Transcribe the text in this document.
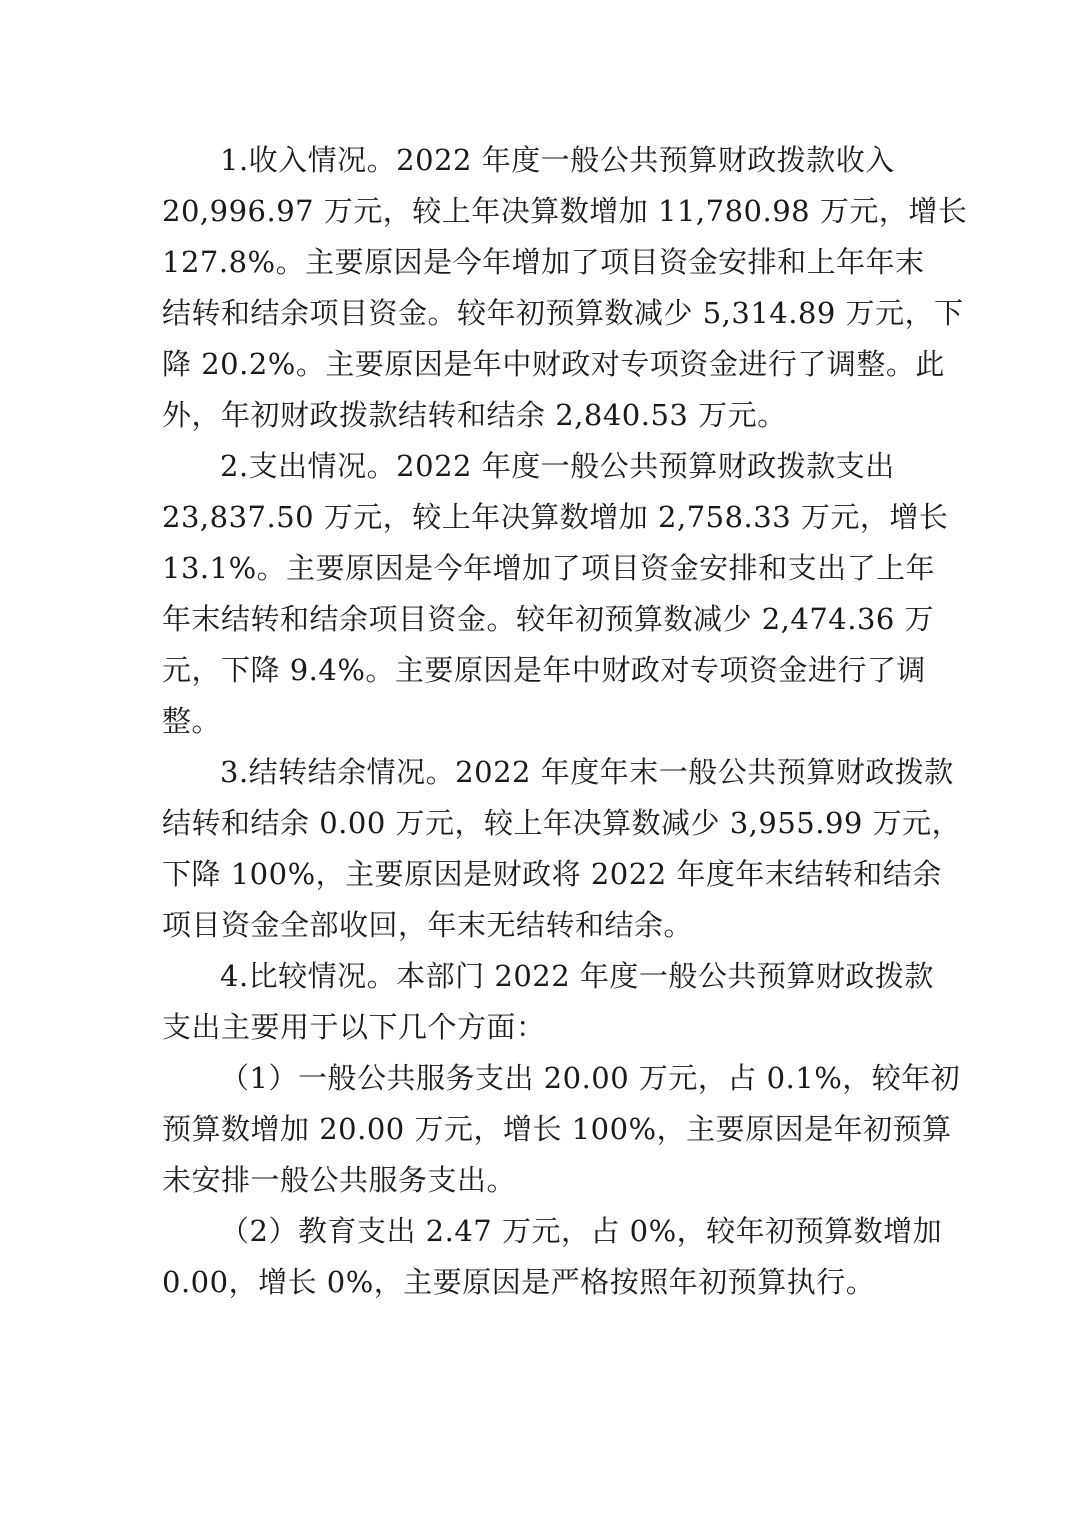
1.收入情况。2022 年度一般公共预算财政拨款收入
20,996.97 万元，较上年决算数增加 11,780.98 万元，增长
127.8%。主要原因是今年增加了项目资金安排和上年年末
结转和结余项目资金。较年初预算数减少 5,314.89 万元，下
降 20.2%。主要原因是年中财政对专项资金进行了调整。此
外，年初财政拨款结转和结余 2,840.53 万元。
2.支出情况。2022 年度一般公共预算财政拨款支出
23,837.50 万元，较上年决算数增加 2,758.33 万元，增长
13.1%。主要原因是今年增加了项目资金安排和支出了上年
年末结转和结余项目资金。较年初预算数减少 2,474.36 万
元，下降 9.4%。主要原因是年中财政对专项资金进行了调
整。
3.结转结余情况。2022 年度年末一般公共预算财政拨款
结转和结余 0.00 万元，较上年决算数减少 3,955.99 万元，
下降 100%，主要原因是财政将 2022 年度年末结转和结余
项目资金全部收回，年末无结转和结余。
4.比较情况。本部门 2022 年度一般公共预算财政拨款
支出主要用于以下几个方面：
（1）一般公共服务支出 20.00 万元，占 0.1%，较年初
预算数增加 20.00 万元，增长 100%，主要原因是年初预算
未安排一般公共服务支出。
（2）教育支出 2.47 万元，占 0%，较年初预算数增加
0.00，增长 0%，主要原因是严格按照年初预算执行。
